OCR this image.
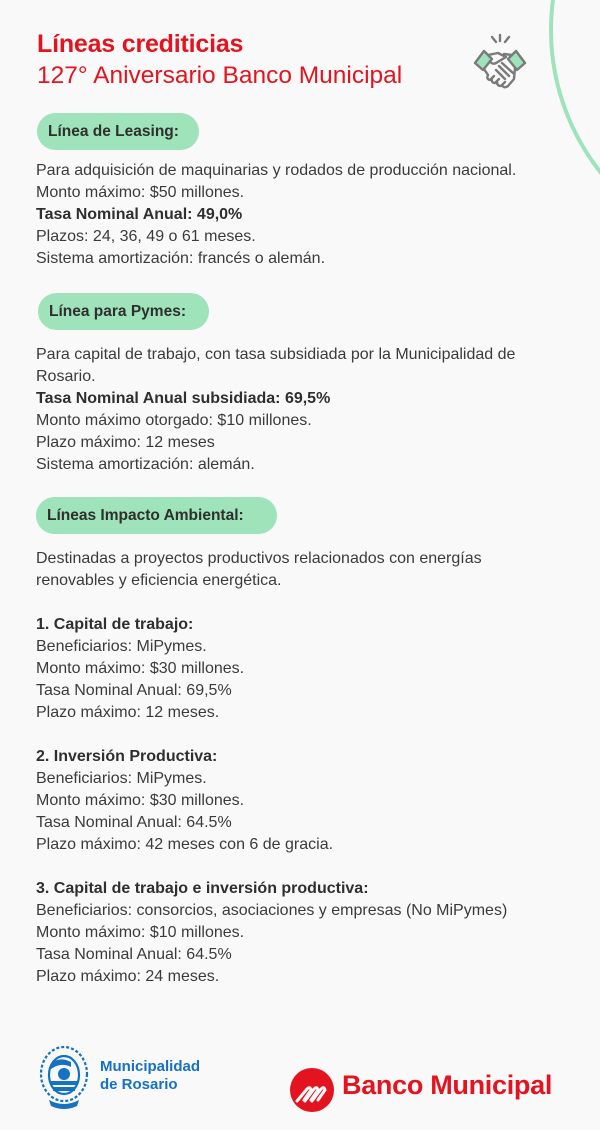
Líneas crediticias
127° Aniversario Banco Municipal
Línea de Leasing:
Para adquisición de maquinarias y rodados de producción nacional.
Monto máximo: $50 millones.
Tasa Nominal Anual: 49,0%
Plazos: 24, 36, 49 o 61 meses.
Sistema amortización: francés o alemán.
Línea para Pymes:
Para capital de trabajo, con tasa subsidiada por la Municipalidad de
Rosario.
Tasa Nominal Anual subsidiada: 69,5%
Monto máximo otorgado: $10 millones.
Plazo máximo: 12 meses
Sistema amortización: alemán.
Líneas Impacto Ambiental:
Destinadas a proyectos productivos relacionados con energías
renovables y eficiencia energética.
1. Capital de trabajo:
Beneficiarios: MiPymes.
Monto máximo: $30 millones.
Tasa Nominal Anual: 69,5%
Plazo máximo: 12 meses.
2. Inversión Productiva:
Beneficiarios: MiPymes.
Monto máximo: $30 millones.
Tasa Nominal Anual: 64.5%
Plazo máximo: 42 meses con 6 de gracia.
3. Capital de trabajo e inversión productiva:
Beneficiarios: consorcios, asociaciones y empresas (No MiPymes)
Monto máximo: $10 millones.
Tasa Nominal Anual: 64.5%
Plazo máximo: 24 meses.
Municipalidad
de Rosario	Banco Municipal
